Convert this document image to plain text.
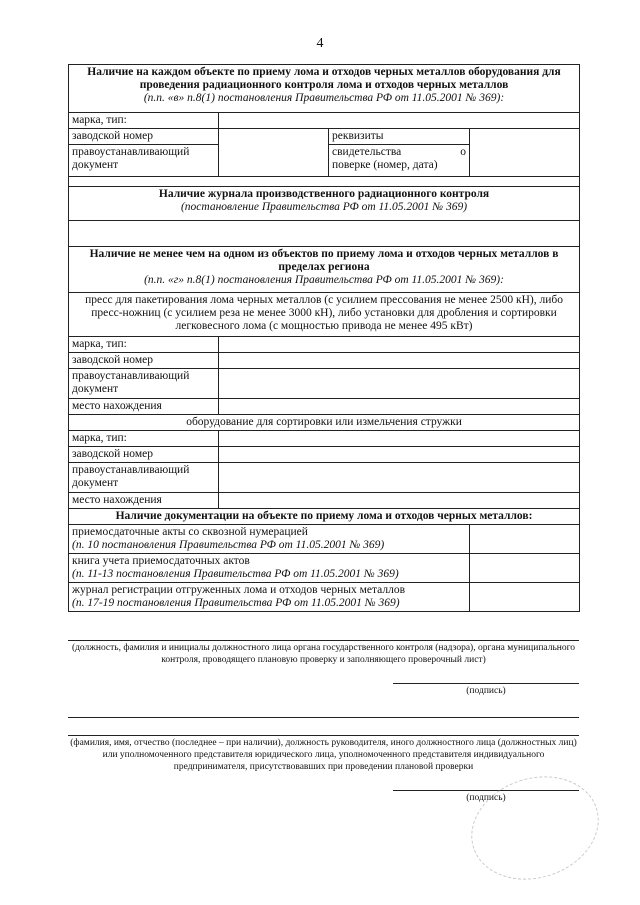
4
Наличие на каждом объекте по приему лома и отходов черных металлов оборудования для проведения радиационного контроля лома и отходов черных металлов
(п.п. «в» п.8(1) постановления Правительства РФ от 11.05.2001 № 369):			

марка, тип:			
заводской номер		реквизиты	
правоустанавливающий документ		свидетельства о
поверке (номер, дата)	

Наличие журнала производственного радиационного контроля
(постановление Правительства РФ от 11.05.2001 № 369)			

Наличие не менее чем на одном из объектов по приему лома и отходов черных металлов в пределах региона
(п.п. «г» п.8(1) постановления Правительства РФ от 11.05.2001 № 369):			

пресс для пакетирования лома черных металлов (с усилием прессования не менее 2500 кН), либо пресс-ножниц (с усилием реза не менее 3000 кН), либо установки для дробления и сортировки легковесного лома (с мощностью привода не менее 495 кВт)			
марка, тип:			
заводской номер			
правоустанавливающий документ			
место нахождения			
оборудование для сортировки или измельчения стружки			
марка, тип:			
заводской номер			
правоустанавливающий документ			
место нахождения			
Наличие документации на объекте по приему лома и отходов черных металлов:			

приемосдаточные акты со сквозной нумерацией
(п. 10 постановления Правительства РФ от 11.05.2001 № 369)			

книга учета приемосдаточных актов
(п. 11-13 постановления Правительства РФ от 11.05.2001 № 369)			

журнал регистрации отгруженных лома и отходов черных металлов
(п. 17-19 постановления Правительства РФ от 11.05.2001 № 369)			

(должность, фамилия и инициалы должностного лица органа государственного контроля (надзора), органа муниципального контроля, проводящего плановую проверку и заполняющего проверочный лист)
(подпись)
(фамилия, имя, отчество (последнее – при наличии), должность руководителя, иного должностного лица (должностных лиц) или уполномоченного представителя юридического лица, уполномоченного представителя индивидуального предпринимателя, присутствовавших при проведении плановой проверки
(подпись)
